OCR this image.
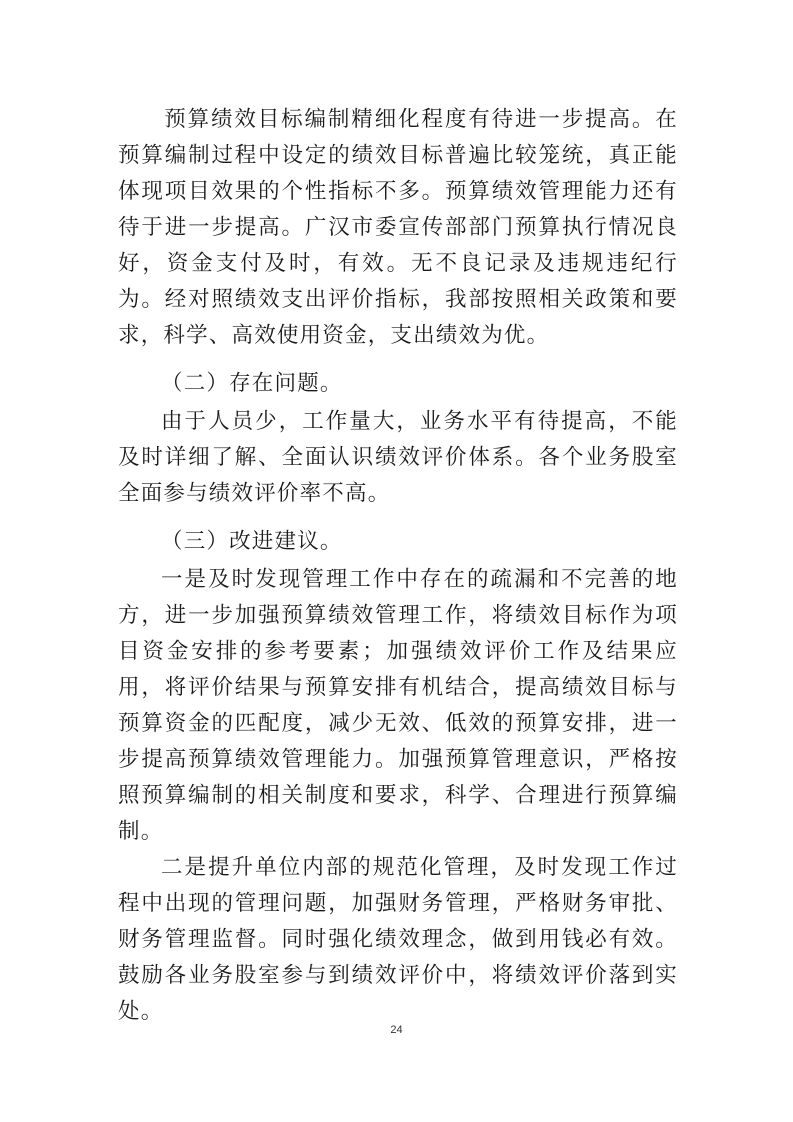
预算绩效目标编制精细化程度有待进一步提高。在预算编制过程中设定的绩效目标普遍比较笼统，真正能体现项目效果的个性指标不多。预算绩效管理能力还有待于进一步提高。广汉市委宣传部部门预算执行情况良好，资金支付及时，有效。无不良记录及违规违纪行为。经对照绩效支出评价指标，我部按照相关政策和要求，科学、高效使用资金，支出绩效为优。

（二）存在问题。

由于人员少，工作量大，业务水平有待提高，不能及时详细了解、全面认识绩效评价体系。各个业务股室全面参与绩效评价率不高。

（三）改进建议。

一是及时发现管理工作中存在的疏漏和不完善的地方，进一步加强预算绩效管理工作，将绩效目标作为项目资金安排的参考要素；加强绩效评价工作及结果应用，将评价结果与预算安排有机结合，提高绩效目标与预算资金的匹配度，减少无效、低效的预算安排，进一步提高预算绩效管理能力。加强预算管理意识，严格按照预算编制的相关制度和要求，科学、合理进行预算编制。

二是提升单位内部的规范化管理，及时发现工作过程中出现的管理问题，加强财务管理，严格财务审批、财务管理监督。同时强化绩效理念，做到用钱必有效。鼓励各业务股室参与到绩效评价中，将绩效评价落到实处。

24
